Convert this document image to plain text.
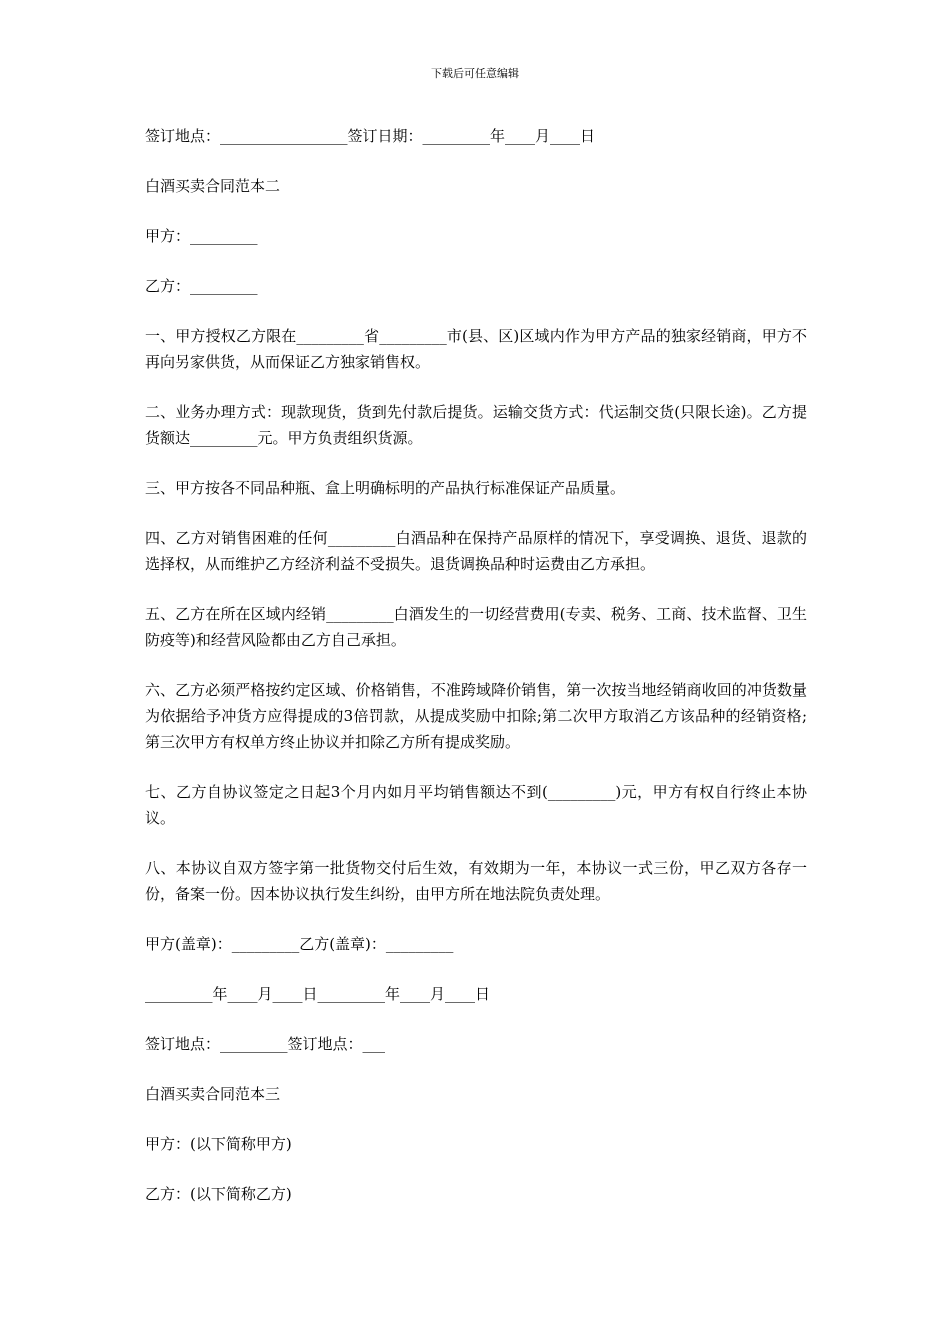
下载后可任意编辑

签订地点：_________________签订日期：_________年____月____日

白酒买卖合同范本二

甲方：_________

乙方：_________

一、甲方授权乙方限在_________省_________市(县、区)区域内作为甲方产品的独家经销商，甲方不再向另家供货，从而保证乙方独家销售权。

二、业务办理方式：现款现货，货到先付款后提货。运输交货方式：代运制交货(只限长途)。乙方提货额达_________元。甲方负责组织货源。

三、甲方按各不同品种瓶、盒上明确标明的产品执行标准保证产品质量。

四、乙方对销售困难的任何_________白酒品种在保持产品原样的情况下，享受调换、退货、退款的选择权，从而维护乙方经济利益不受损失。退货调换品种时运费由乙方承担。

五、乙方在所在区域内经销_________白酒发生的一切经营费用(专卖、税务、工商、技术监督、卫生防疫等)和经营风险都由乙方自己承担。

六、乙方必须严格按约定区域、价格销售，不准跨域降价销售，第一次按当地经销商收回的冲货数量为依据给予冲货方应得提成的3倍罚款，从提成奖励中扣除;第二次甲方取消乙方该品种的经销资格;第三次甲方有权单方终止协议并扣除乙方所有提成奖励。

七、乙方自协议签定之日起3个月内如月平均销售额达不到(_________)元，甲方有权自行终止本协议。

八、本协议自双方签字第一批货物交付后生效，有效期为一年，本协议一式三份，甲乙双方各存一份，备案一份。因本协议执行发生纠纷，由甲方所在地法院负责处理。

甲方(盖章)：_________乙方(盖章)：_________

_________年____月____日_________年____月____日

签订地点：_________签订地点：___

白酒买卖合同范本三

甲方：(以下简称甲方)

乙方：(以下简称乙方)
